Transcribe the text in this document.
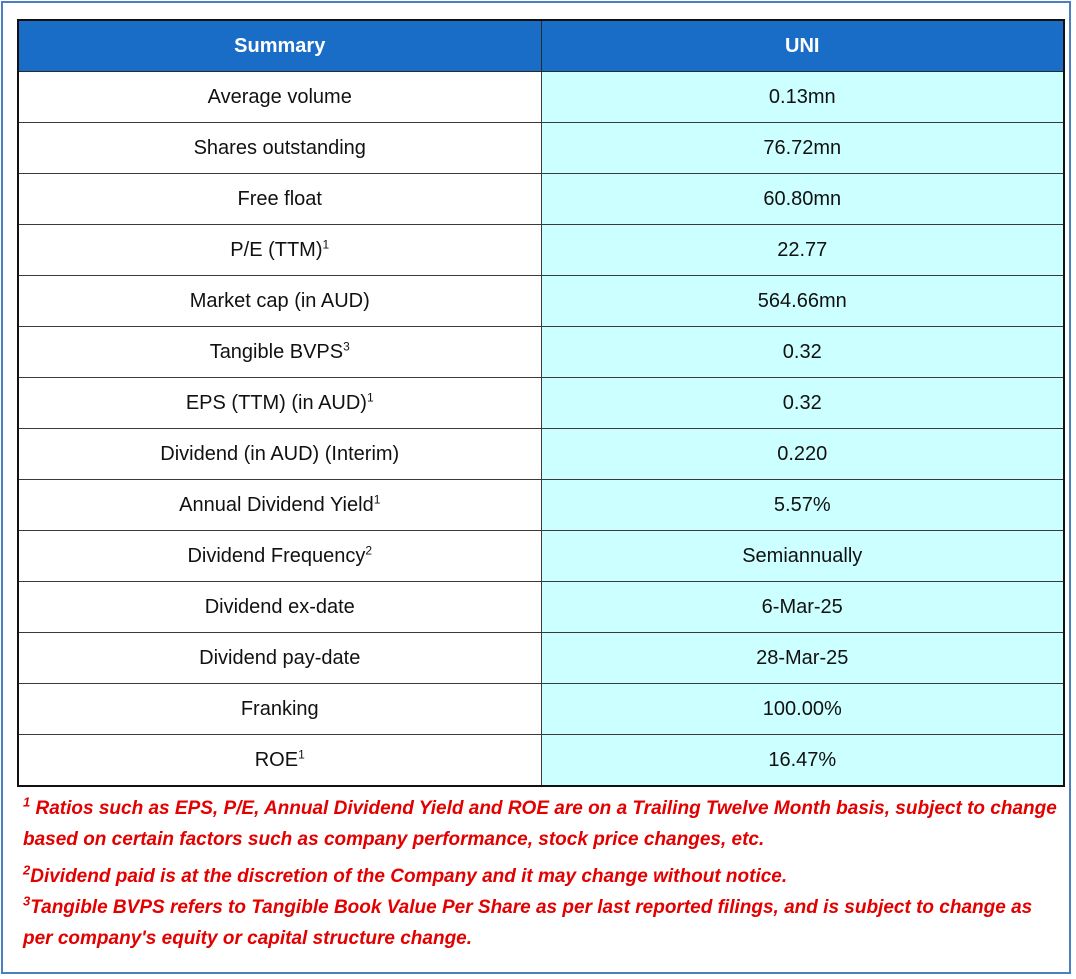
Summary	UNI
Average volume	0.13mn
Shares outstanding	76.72mn
Free float	60.80mn
P/E (TTM)$^1$	22.77
Market cap (in AUD)	564.66mn
Tangible BVPS$^3$	0.32
EPS (TTM) (in AUD)$^1$	0.32
Dividend (in AUD) (Interim)	0.220
Annual Dividend Yield$^1$	5.57%
Dividend Frequency$^2$	Semiannually
Dividend ex-date	6-Mar-25
Dividend pay-date	28-Mar-25
Franking	100.00%
ROE$^1$	16.47%

$^1$ Ratios such as EPS, P/E, Annual Dividend Yield and ROE are on a Trailing Twelve Month basis, subject to change based on certain factors such as company performance, stock price changes, etc.

$^2$Dividend paid is at the discretion of the Company and it may change without notice.

$^3$Tangible BVPS refers to Tangible Book Value Per Share as per last reported filings, and is subject to change as per company's equity or capital structure change.
